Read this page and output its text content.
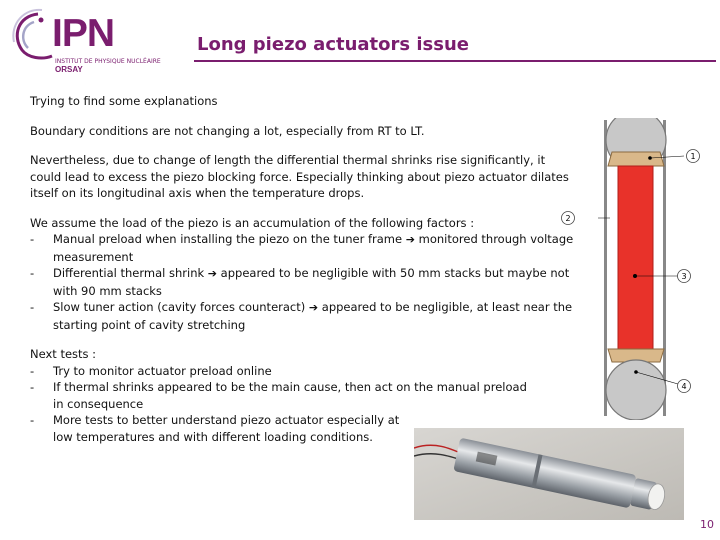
IPN
INSTITUT DE PHYSIQUE NUCLÉAIRE
ORSAY
Long piezo actuators issue

Trying to find some explanations

Boundary conditions are not changing a lot, especially from RT to LT.

Nevertheless, due to change of length the differential thermal shrinks rise significantly, it could lead to excess the piezo blocking force. Especially thinking about piezo actuator dilates itself on its longitudinal axis when the temperature drops.

We assume the load of the piezo is an accumulation of the following factors :

-	Manual preload when installing the piezo on the tuner frame ➔ monitored through voltage measurement
-	Differential thermal shrink ➔ appeared to be negligible with 50 mm stacks but maybe not with 90 mm stacks
-	Slow tuner action (cavity forces counteract) ➔ appeared to be negligible, at least near the starting point of cavity stretching

Next tests :

-	Try to monitor actuator preload online
-	If thermal shrinks appeared to be the main cause, then act on the manual preload in consequence
-	More tests to better understand piezo actuator especially at low temperatures and with different loading conditions.
1
3
4
2
10
